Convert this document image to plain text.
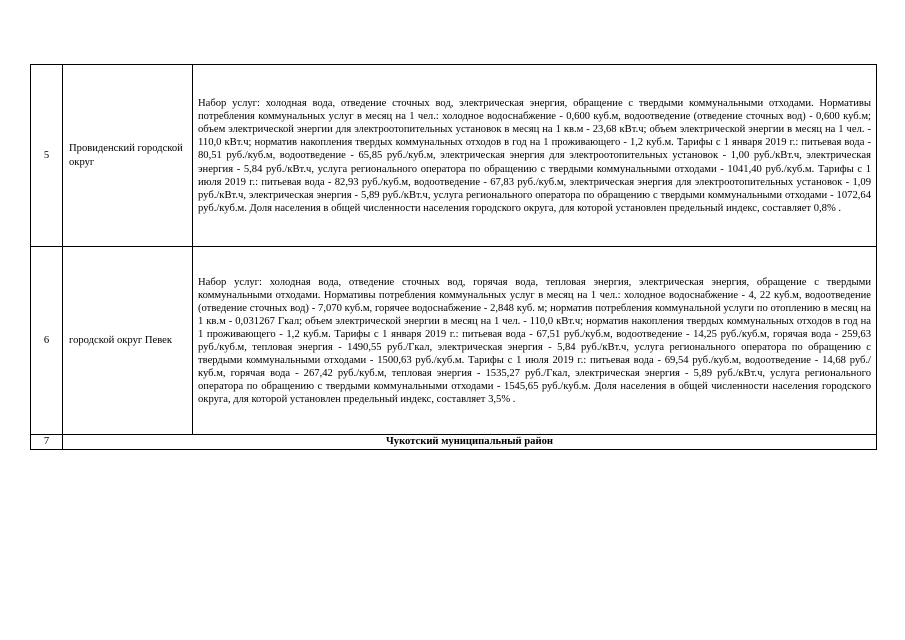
5	Провиденский городской округ	Набор услуг: холодная вода, отведение сточных вод, электрическая энергия, обращение с твердыми коммунальными отходами. Нормативы потребления коммунальных услуг в месяц на 1 чел.: холодное водоснабжение - 0,600 куб.м, водоотведение (отведение сточных вод) - 0,600 куб.м; объем электрической энергии для электроотопительных установок в месяц на 1 кв.м - 23,68 кВт.ч; объем электрической энергии в месяц на 1 чел. - 110,0 кВт.ч; норматив накопления твердых коммунальных отходов в год на 1 проживающего - 1,2 куб.м. Тарифы с 1 января 2019 г.: питьевая вода - 80,51 руб./куб.м, водоотведение - 65,85 руб./куб.м, электрическая энергия для электроотопительных установок - 1,00 руб./кВт.ч, электрическая энергия - 5,84 руб./кВт.ч, услуга регионального оператора по обращению с твердыми коммунальными отходами - 1041,40 руб./куб.м. Тарифы с 1 июля 2019 г.: питьевая вода - 82,93 руб./куб.м, водоотведение - 67,83 руб./куб.м, электрическая энергия для электроотопительных установок - 1,09 руб./кВт.ч, электрическая энергия - 5,89 руб./кВт.ч, услуга регионального оператора по обращению с твердыми коммунальными отходами - 1072,64 руб./куб.м. Доля населения в общей численности населения городского округа, для которой установлен предельный индекс, составляет 0,8% .
6	городской округ Певек	Набор услуг: холодная вода, отведение сточных вод, горячая вода, тепловая энергия, электрическая энергия, обращение с твердыми коммунальными отходами. Нормативы потребления коммунальных услуг в месяц на 1 чел.: холодное водоснабжение - 4, 22 куб.м, водоотведение (отведение сточных вод) - 7,070 куб.м, горячее водоснабжение - 2,848 куб. м; норматив потребления коммунальной услуги по отоплению в месяц на 1 кв.м - 0,031267 Гкал; объем электрической энергии в месяц на 1 чел. - 110,0 кВт.ч; норматив накопления твердых коммунальных отходов в год на 1 проживающего - 1,2 куб.м. Тарифы с 1 января 2019 г.: питьевая вода - 67,51 руб./куб.м, водоотведение - 14,25 руб./куб.м, горячая вода - 259,63 руб./куб.м, тепловая энергия - 1490,55 руб./Гкал, электрическая энергия - 5,84 руб./кВт.ч, услуга регионального оператора по обращению с твердыми коммунальными отходами - 1500,63 руб./куб.м. Тарифы с 1 июля 2019 г.: питьевая вода - 69,54 руб./куб.м, водоотведение - 14,68 руб./куб.м, горячая вода - 267,42 руб./куб.м, тепловая энергия - 1535,27 руб./Гкал, электрическая энергия - 5,89 руб./кВт.ч, услуга регионального оператора по обращению с твердыми коммунальными отходами - 1545,65 руб./куб.м. Доля населения в общей численности населения городского округа, для которой установлен предельный индекс, составляет 3,5% .
7	Чукотский муниципальный район	
